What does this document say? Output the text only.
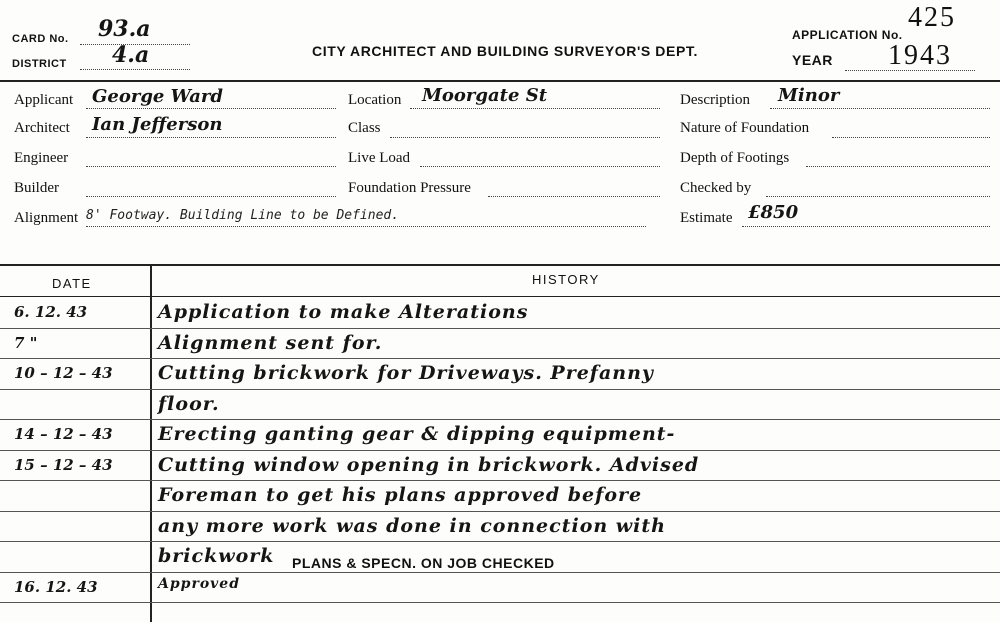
CARD No. 93.a
DISTRICT 4.a	CITY ARCHITECT AND BUILDING SURVEYOR'S DEPT.
APPLICATION No.
425
YEAR 1943
Applicant George Ward
Architect Ian Jefferson
Engineer
Builder
Alignment 8' Footway. Building Line to be Defined.
Location Moorgate St
Class
Live Load
Foundation Pressure
Description Minor
Nature of Foundation
Depth of Footings
Checked by
Estimate £850
DATE	HISTORY
6. 12. 43	Application to make Alterations
7 "	Alignment sent for.
10 – 12 – 43 Cutting brickwork for Driveways. Prefanny
floor.
14 – 12 – 43 Erecting ganting gear & dipping equipment-
15 – 12 – 43 Cutting window opening in brickwork. Advised
Foreman to get his plans approved before
any more work was done in connection with
brickwork
16. 12. 43	Approved
PLANS & SPECN. ON JOB CHECKED
